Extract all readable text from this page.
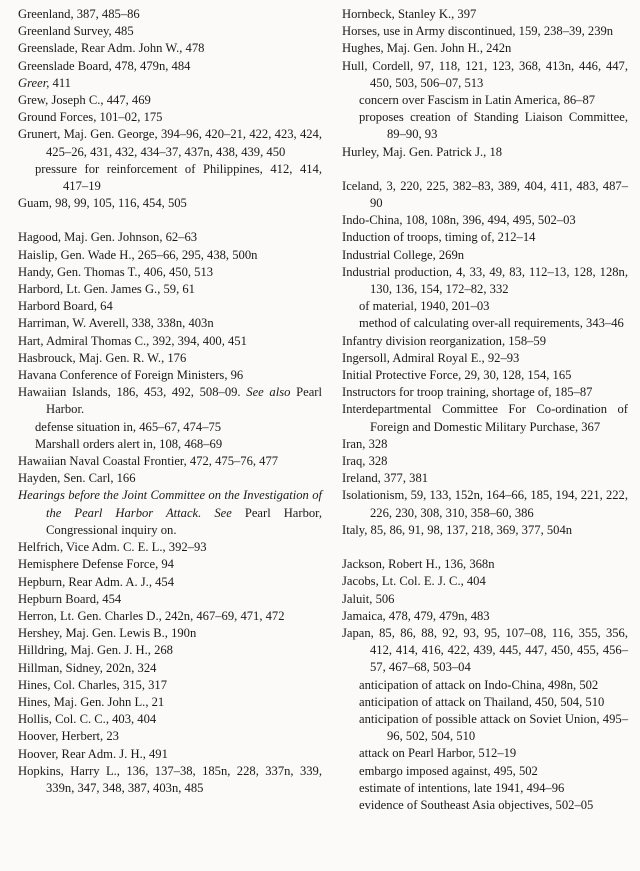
Greenland, 387, 485–86
Greenland Survey, 485
Greenslade, Rear Adm. John W., 478
Greenslade Board, 478, 479n, 484
Greer, 411
Grew, Joseph C., 447, 469
Ground Forces, 101–02, 175
Grunert, Maj. Gen. George, 394–96, 420–21, 422, 423, 424, 425–26, 431, 432, 434–37, 437n, 438, 439, 450
pressure for reinforcement of Philippines, 412, 414, 417–19
Guam, 98, 99, 105, 116, 454, 505
Hagood, Maj. Gen. Johnson, 62–63
Haislip, Gen. Wade H., 265–66, 295, 438, 500n
Handy, Gen. Thomas T., 406, 450, 513
Harbord, Lt. Gen. James G., 59, 61
Harbord Board, 64
Harriman, W. Averell, 338, 338n, 403n
Hart, Admiral Thomas C., 392, 394, 400, 451
Hasbrouck, Maj. Gen. R. W., 176
Havana Conference of Foreign Ministers, 96
Hawaiian Islands, 186, 453, 492, 508–09. See also Pearl Harbor.
defense situation in, 465–67, 474–75
Marshall orders alert in, 108, 468–69
Hawaiian Naval Coastal Frontier, 472, 475–76, 477
Hayden, Sen. Carl, 166
Hearings before the Joint Committee on the Investigation of the Pearl Harbor Attack. See Pearl Harbor, Congressional inquiry on.
Helfrich, Vice Adm. C. E. L., 392–93
Hemisphere Defense Force, 94
Hepburn, Rear Adm. A. J., 454
Hepburn Board, 454
Herron, Lt. Gen. Charles D., 242n, 467–69, 471, 472
Hershey, Maj. Gen. Lewis B., 190n
Hilldring, Maj. Gen. J. H., 268
Hillman, Sidney, 202n, 324
Hines, Col. Charles, 315, 317
Hines, Maj. Gen. John L., 21
Hollis, Col. C. C., 403, 404
Hoover, Herbert, 23
Hoover, Rear Adm. J. H., 491
Hopkins, Harry L., 136, 137–38, 185n, 228, 337n, 339, 339n, 347, 348, 387, 403n, 485
Hornbeck, Stanley K., 397
Horses, use in Army discontinued, 159, 238–39, 239n
Hughes, Maj. Gen. John H., 242n
Hull, Cordell, 97, 118, 121, 123, 368, 413n, 446, 447, 450, 503, 506–07, 513
concern over Fascism in Latin America, 86–87
proposes creation of Standing Liaison Committee, 89–90, 93
Hurley, Maj. Gen. Patrick J., 18
Iceland, 3, 220, 225, 382–83, 389, 404, 411, 483, 487–90
Indo-China, 108, 108n, 396, 494, 495, 502–03
Induction of troops, timing of, 212–14
Industrial College, 269n
Industrial production, 4, 33, 49, 83, 112–13, 128, 128n, 130, 136, 154, 172–82, 332
of material, 1940, 201–03
method of calculating over-all requirements, 343–46
Infantry division reorganization, 158–59
Ingersoll, Admiral Royal E., 92–93
Initial Protective Force, 29, 30, 128, 154, 165
Instructors for troop training, shortage of, 185–87
Interdepartmental Committee For Co-ordination of Foreign and Domestic Military Purchase, 367
Iran, 328
Iraq, 328
Ireland, 377, 381
Isolationism, 59, 133, 152n, 164–66, 185, 194, 221, 222, 226, 230, 308, 310, 358–60, 386
Italy, 85, 86, 91, 98, 137, 218, 369, 377, 504n
Jackson, Robert H., 136, 368n
Jacobs, Lt. Col. E. J. C., 404
Jaluit, 506
Jamaica, 478, 479, 479n, 483
Japan, 85, 86, 88, 92, 93, 95, 107–08, 116, 355, 356, 412, 414, 416, 422, 439, 445, 447, 450, 455, 456–57, 467–68, 503–04
anticipation of attack on Indo-China, 498n, 502
anticipation of attack on Thailand, 450, 504, 510
anticipation of possible attack on Soviet Union, 495–96, 502, 504, 510
attack on Pearl Harbor, 512–19
embargo imposed against, 495, 502
estimate of intentions, late 1941, 494–96
evidence of Southeast Asia objectives, 502–05
